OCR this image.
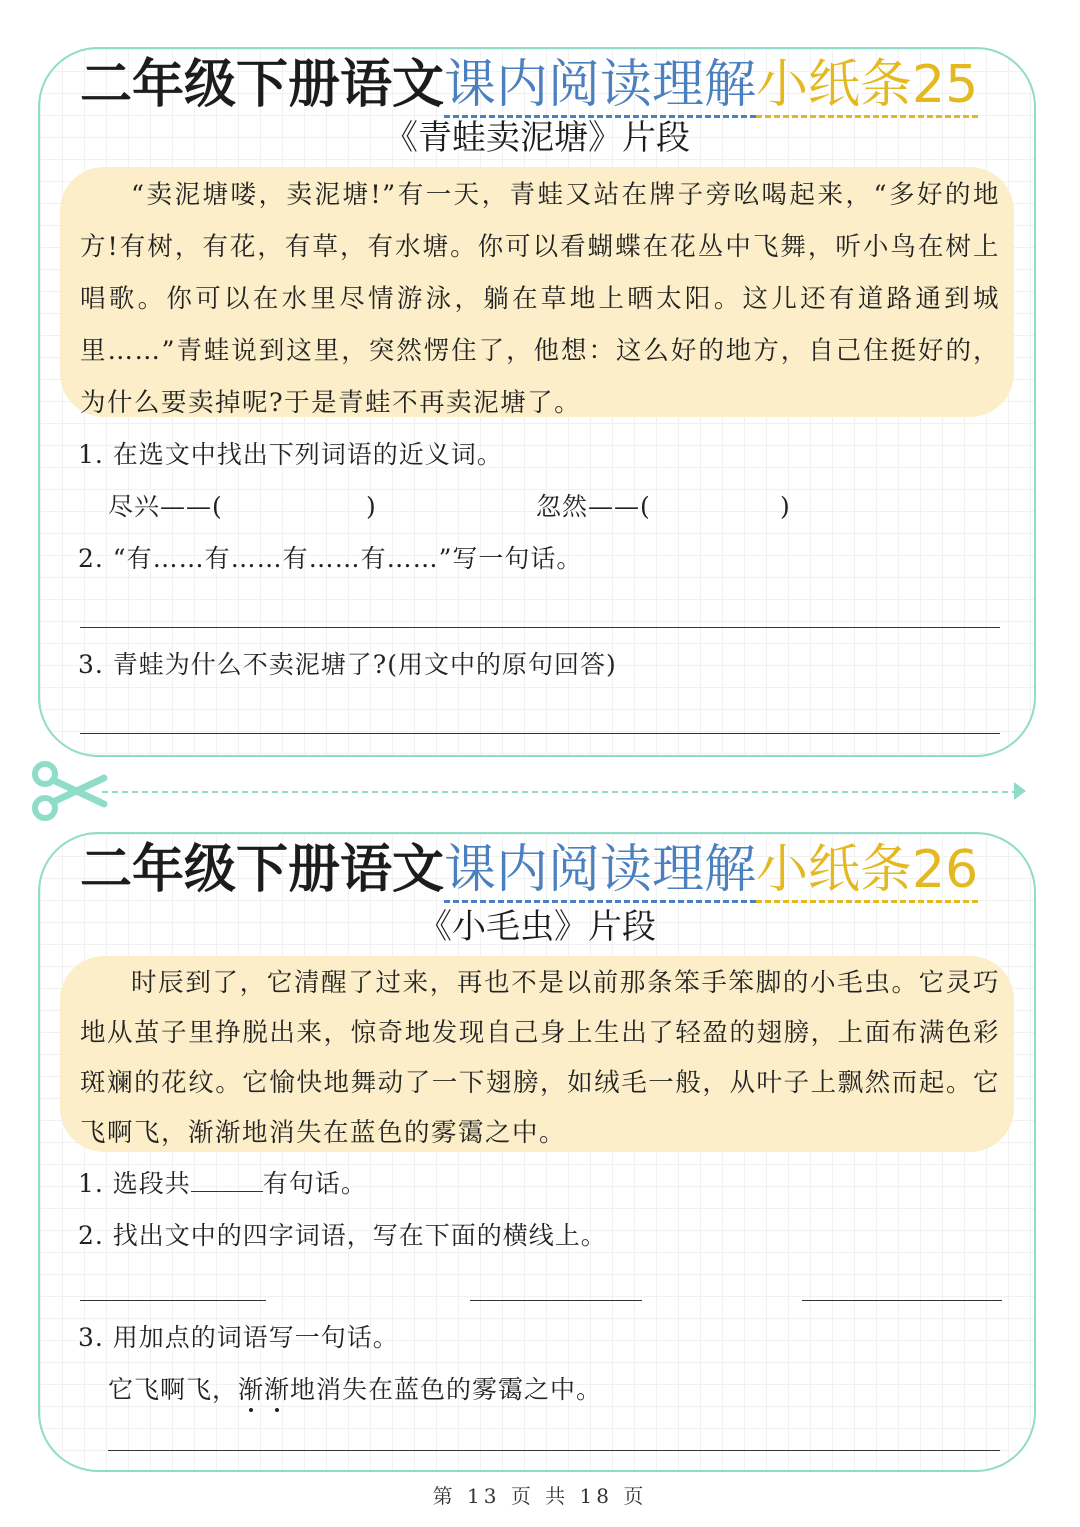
二年级下册语文课内阅读理解小纸条25
《青蛙卖泥塘》片段
“卖泥塘喽，卖泥塘!”有一天，青蛙又站在牌子旁吆喝起来，“多好的地方!有树，有花，有草，有水塘。你可以看蝴蝶在花丛中飞舞，听小鸟在树上唱歌。你可以在水里尽情游泳，躺在草地上晒太阳。这儿还有道路通到城里……”青蛙说到这里，突然愣住了，他想：这么好的地方，自己住挺好的，为什么要卖掉呢?于是青蛙不再卖泥塘了。
1. 在选文中找出下列词语的近义词。
尽兴——(	)	忽然——(	)
2. “有……有……有……有……”写一句话。
3. 青蛙为什么不卖泥塘了?(用文中的原句回答)
二年级下册语文课内阅读理解小纸条26
《小毛虫》片段
时辰到了，它清醒了过来，再也不是以前那条笨手笨脚的小毛虫。它灵巧地从茧子里挣脱出来，惊奇地发现自己身上生出了轻盈的翅膀，上面布满色彩斑斓的花纹。它愉快地舞动了一下翅膀，如绒毛一般，从叶子上飘然而起。它飞啊飞，渐渐地消失在蓝色的雾霭之中。
1. 选段共	有句话。
2. 找出文中的四字词语，写在下面的横线上。
3. 用加点的词语写一句话。
它飞啊飞，渐渐地消失在蓝色的雾霭之中。
第 13 页 共 18 页
